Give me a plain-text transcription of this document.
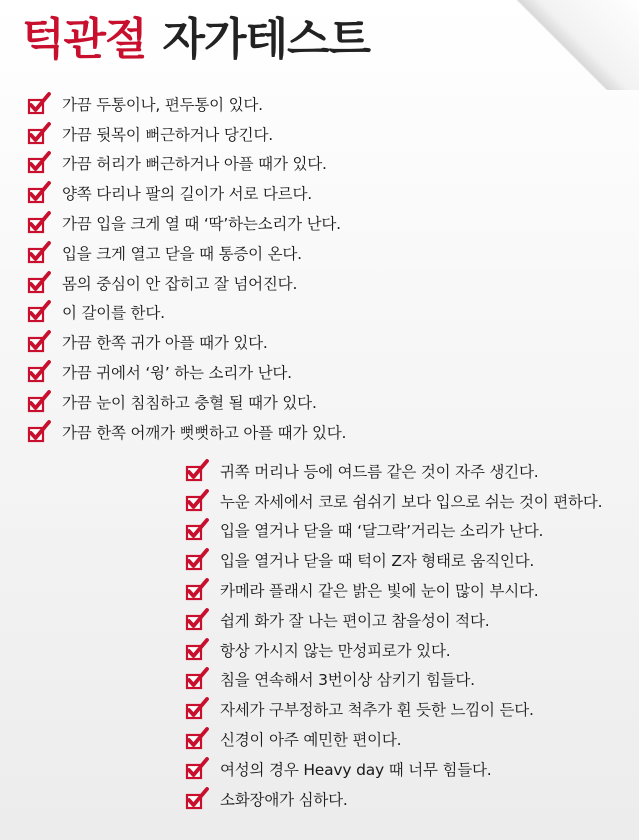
턱관절 자가테스트
가끔 두통이나, 편두통이 있다.
가끔 뒷목이 뻐근하거나 당긴다.
가끔 허리가 뻐근하거나 아플 때가 있다.
양쪽 다리나 팔의 길이가 서로 다르다.
가끔 입을 크게 열 때 ‘딱’하는소리가 난다.
입을 크게 열고 닫을 때 통증이 온다.
몸의 중심이 안 잡히고 잘 넘어진다.
이 갈이를 한다.
가끔 한쪽 귀가 아플 때가 있다.
가끔 귀에서 ‘윙’ 하는 소리가 난다.
가끔 눈이 침침하고 충혈 될 때가 있다.
가끔 한쪽 어깨가 뻣뻣하고 아플 때가 있다.
귀쪽 머리나 등에 여드름 같은 것이 자주 생긴다.
누운 자세에서 코로 쉼쉬기 보다 입으로 쉬는 것이 편하다.
입을 열거나 닫을 때 ‘달그락’거리는 소리가 난다.
입을 열거나 닫을 때 턱이 Z자 형태로 움직인다.
카메라 플래시 같은 밝은 빛에 눈이 많이 부시다.
쉽게 화가 잘 나는 편이고 참을성이 적다.
항상 가시지 않는 만성피로가 있다.
침을 연속해서 3번이상 삼키기 힘들다.
자세가 구부정하고 척추가 휜 듯한 느낌이 든다.
신경이 아주 예민한 편이다.
여성의 경우 Heavy day 때 너무 힘들다.
소화장애가 심하다.
